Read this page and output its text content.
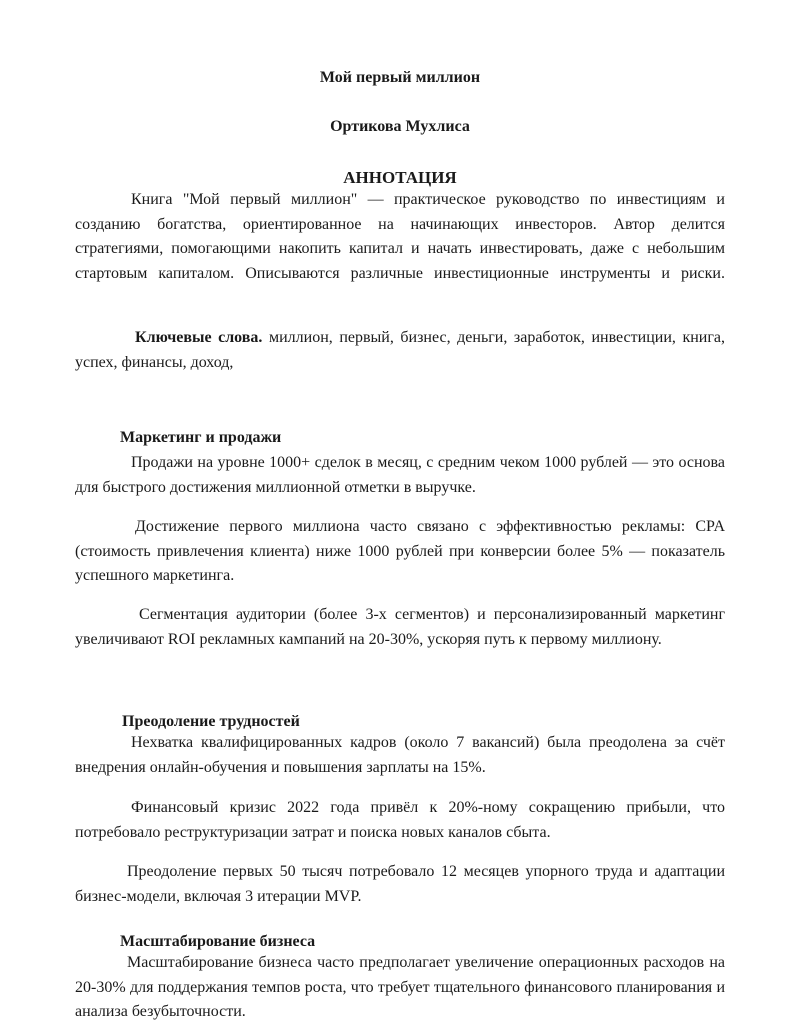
Мой первый миллион
Ортикова Мухлиса
АННОТАЦИЯ

Книга "Мой первый миллион" — практическое руководство по инвестициям и созданию богатства, ориентированное на начинающих инвесторов. Автор делится стратегиями, помогающими накопить капитал и начать инвестировать, даже с небольшим стартовым капиталом. Описываются различные инвестиционные инструменты и риски.

Ключевые слова. миллион, первый, бизнес, деньги, заработок, инвестиции, книга, успех, финансы, доход,

Маркетинг и продажи

Продажи на уровне 1000+ сделок в месяц, с средним чеком 1000 рублей — это основа для быстрого достижения миллионной отметки в выручке.

Достижение первого миллиона часто связано с эффективностью рекламы: CPA (стоимость привлечения клиента) ниже 1000 рублей при конверсии более 5% — показатель успешного маркетинга.

Сегментация аудитории (более 3-х сегментов) и персонализированный маркетинг увеличивают ROI рекламных кампаний на 20-30%, ускоряя путь к первому миллиону.

Преодоление трудностей

Нехватка квалифицированных кадров (около 7 вакансий) была преодолена за счёт внедрения онлайн-обучения и повышения зарплаты на 15%.

Финансовый кризис 2022 года привёл к 20%-ному сокращению прибыли, что потребовало реструктуризации затрат и поиска новых каналов сбыта.

Преодоление первых 50 тысяч потребовало 12 месяцев упорного труда и адаптации бизнес-модели, включая 3 итерации MVP.

Масштабирование бизнеса

Масштабирование бизнеса часто предполагает увеличение операционных расходов на 20-30% для поддержания темпов роста, что требует тщательного финансового планирования и анализа безубыточности.
